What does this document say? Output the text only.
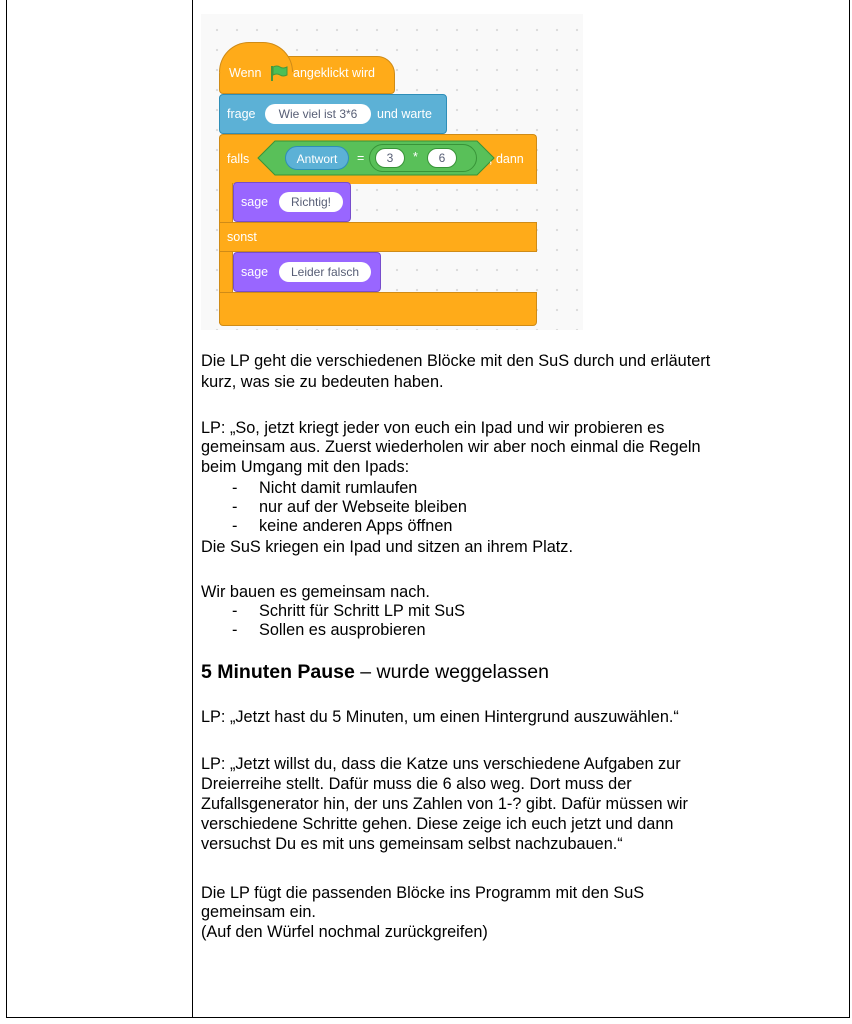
Wenn	angeklickt wird
frage	Wie viel ist 3*6	und warte
falls	Antwort	=	3	*	6	, dann
sage	Richtig!
sonst
sage	Leider falsch
Die LP geht die verschiedenen Blöcke mit den SuS durch und erläutert
kurz, was sie zu bedeuten haben.
LP: „So, jetzt kriegt jeder von euch ein Ipad und wir probieren es
gemeinsam aus. Zuerst wiederholen wir aber noch einmal die Regeln
beim Umgang mit den Ipads:
- Nicht damit rumlaufen
- nur auf der Webseite bleiben
- keine anderen Apps öffnen
Die SuS kriegen ein Ipad und sitzen an ihrem Platz.
Wir bauen es gemeinsam nach.
- Schritt für Schritt LP mit SuS
- Sollen es ausprobieren
5 Minuten Pause – wurde weggelassen
LP: „Jetzt hast du 5 Minuten, um einen Hintergrund auszuwählen.“
LP: „Jetzt willst du, dass die Katze uns verschiedene Aufgaben zur
Dreierreihe stellt. Dafür muss die 6 also weg. Dort muss der
Zufallsgenerator hin, der uns Zahlen von 1-? gibt. Dafür müssen wir
verschiedene Schritte gehen. Diese zeige ich euch jetzt und dann
versuchst Du es mit uns gemeinsam selbst nachzubauen.“
Die LP fügt die passenden Blöcke ins Programm mit den SuS
gemeinsam ein.
(Auf den Würfel nochmal zurückgreifen)
